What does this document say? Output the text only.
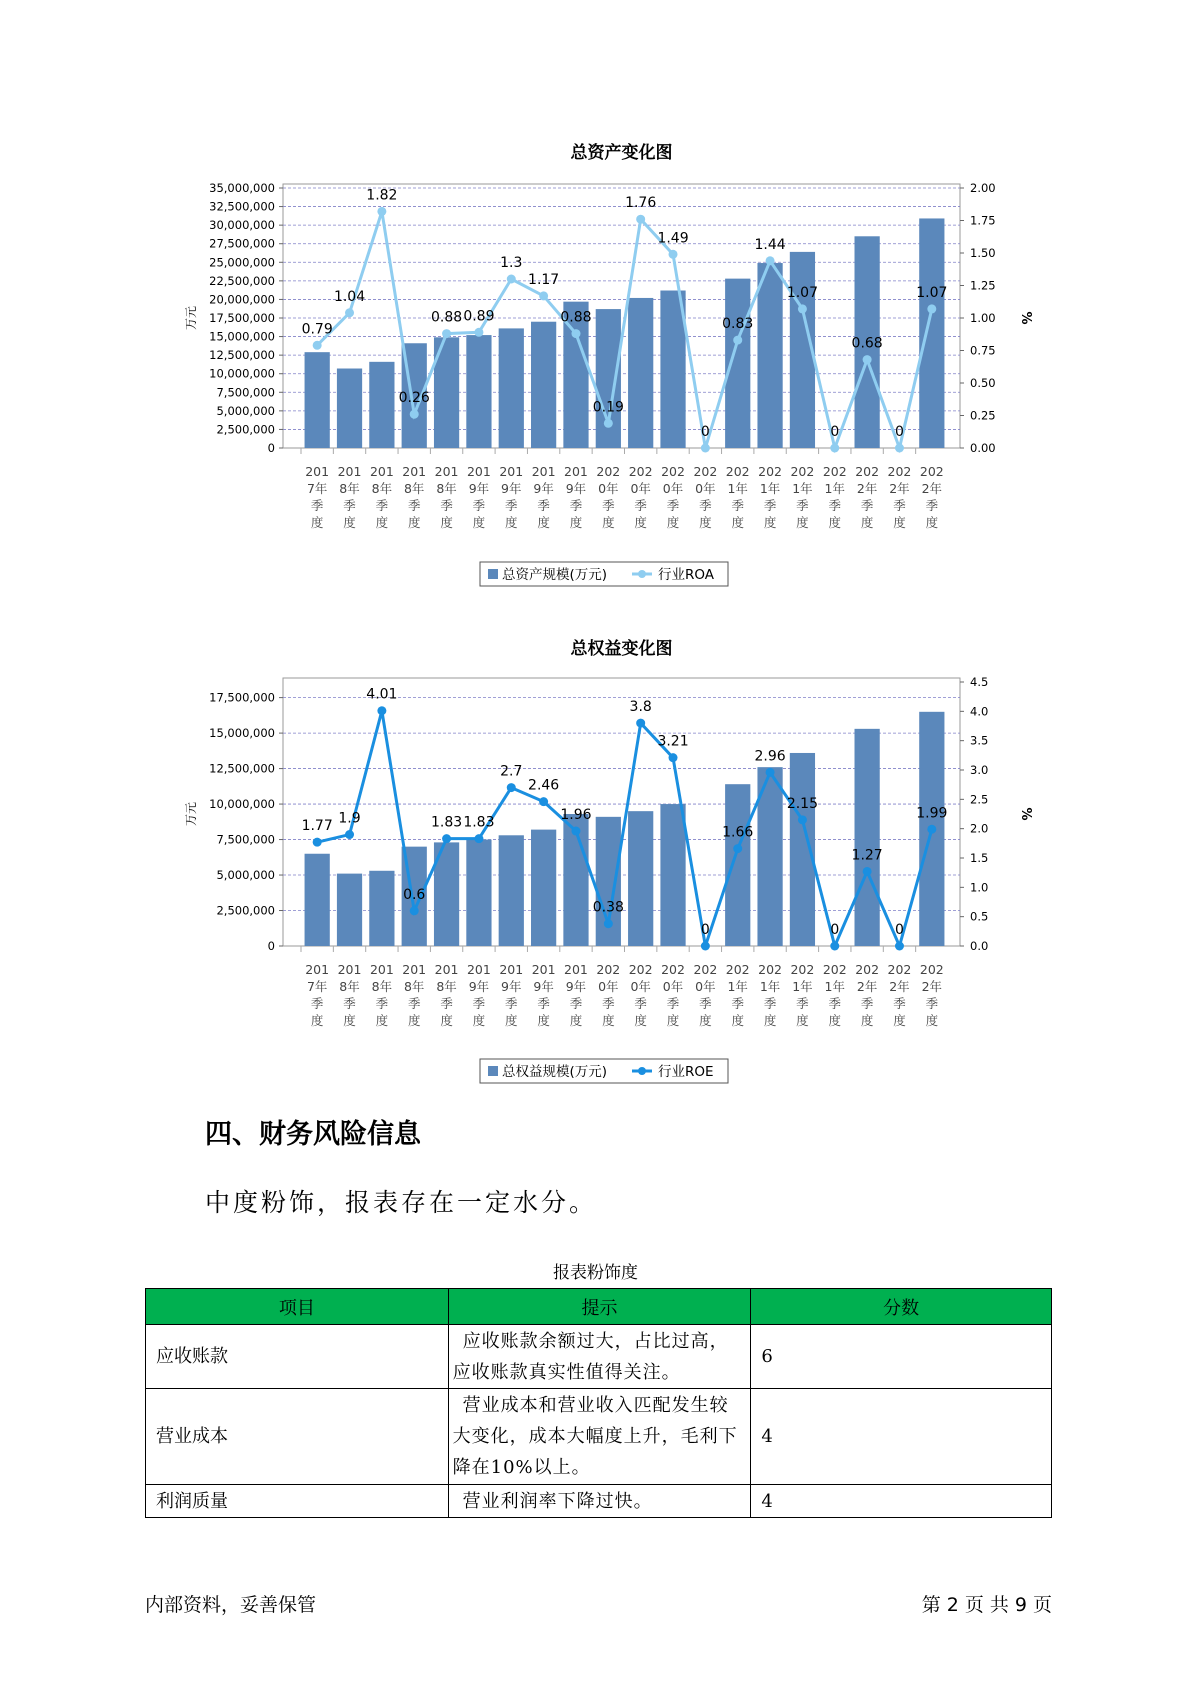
总资产变化图
0
2,500,000
5,000,000
7,500,000
10,000,000
12,500,000
15,000,000
17,500,000
20,000,000
22,500,000
25,000,000
27,500,000
30,000,000
32,500,000
35,000,000
0.00
0.25
0.50
0.75
1.00
1.25
1.50
1.75
2.00
万元	%
0.79
1.04
1.82
0.26
0.88 0.89
1.3
1.17
0.88
0.19
1.76
1.49
0
0.83
1.44
1.07
0
0.68
0
1.07
201 7年季度
201 8年季度
201 8年季度
201 8年季度
201 8年季度
201 9年季度
201 9年季度
201 9年季度
201 9年季度
202 0年季度
202 0年季度
202 0年季度
202 0年季度
202 1年季度
202 1年季度
202 1年季度
202 1年季度
202 2年季度
202 2年季度
202 2年季度
总资产规模(万元)	行业ROA
总权益变化图
0
2,500,000
5,000,000
7,500,000
10,000,000
12,500,000
15,000,000
17,500,000
0.0
0.5
1.0
1.5
2.0
2.5
3.0
3.5
4.0
4.5
万元	%
1.77 1.9
4.01
0.6
1.83 1.83
2.7
2.46
1.96
0.38
3.8
3.21
0
1.66
2.96
2.15
0
1.27
0
1.99
201 7年季度
201 8年季度
201 8年季度
201 8年季度
201 8年季度
201 9年季度
201 9年季度
201 9年季度
201 9年季度
202 0年季度
202 0年季度
202 0年季度
202 0年季度
202 1年季度
202 1年季度
202 1年季度
202 1年季度
202 2年季度
202 2年季度
202 2年季度
总权益规模(万元)	行业ROE
四、财务风险信息
中度粉饰，报表存在一定水分。
报表粉饰度
项目	提示	分数
应收账款	应收账款余额过大，占比过高，应收账款真实性值得关注。	6
营业成本	营业成本和营业收入匹配发生较大变化，成本大幅度上升，毛利下降在10%以上。	4
利润质量	营业利润率下降过快。	4
内部资料，妥善保管	第 2 页 共 9 页
